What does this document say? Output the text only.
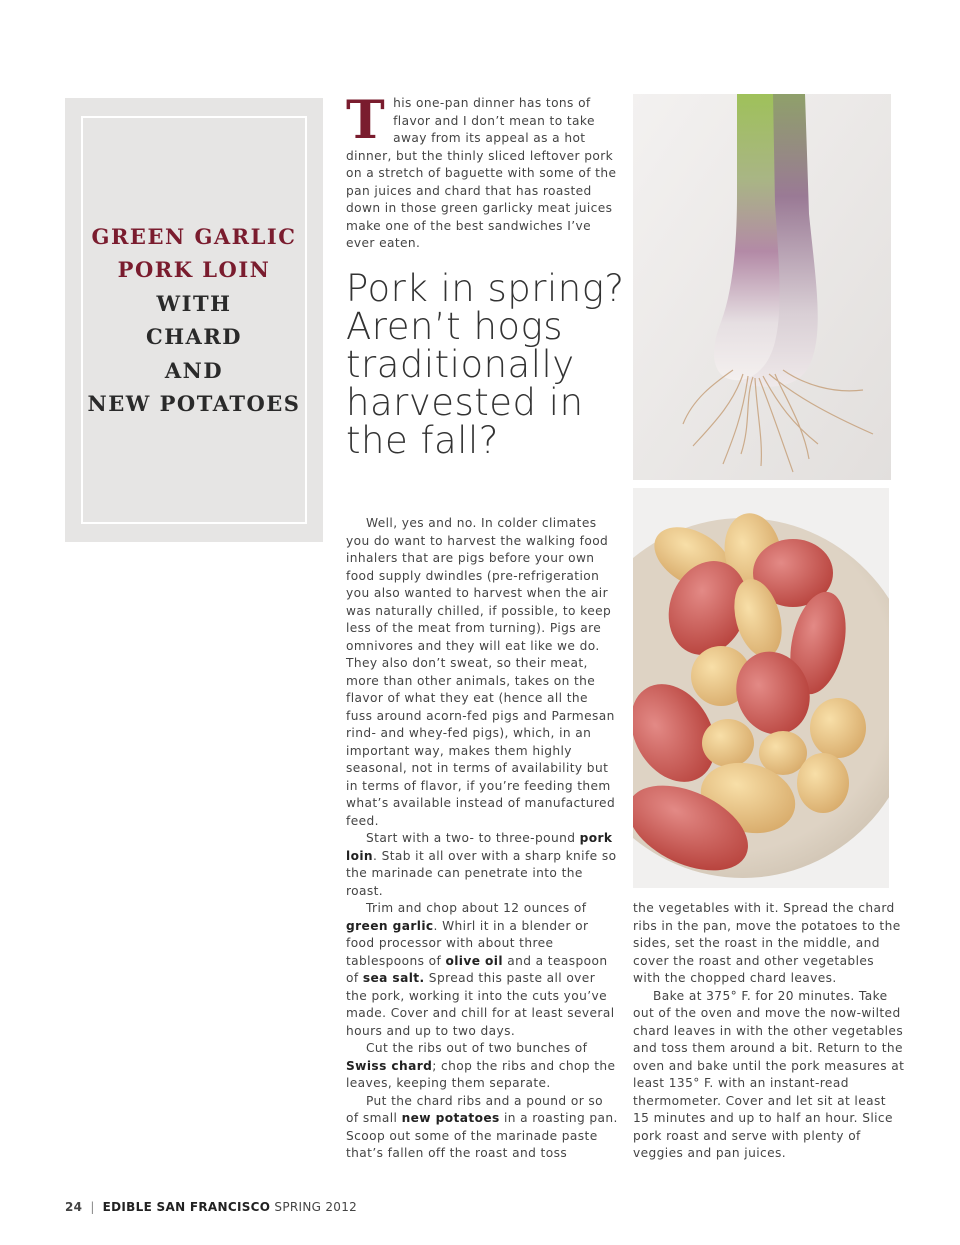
GREEN GARLIC
PORK LOIN
WITH
CHARD
AND
NEW POTATOES
T his one-pan dinner has tons of flavor and I don’t mean to take away from its appeal as a hot dinner, but the thinly sliced leftover pork on a stretch of baguette with some of the pan juices and chard that has roasted down in those green garlicky meat juices make one of the best sandwiches I’ve ever eaten.
Pork in spring? Aren’t hogs traditionally harvested in the fall?

Well, yes and no. In colder climates you do want to harvest the walking food inhalers that are pigs before your own food supply dwindles (pre-refrigeration you also wanted to harvest when the air was naturally chilled, if possible, to keep less of the meat from turning). Pigs are omnivores and they will eat like we do. They also don’t sweat, so their meat, more than other animals, takes on the flavor of what they eat (hence all the fuss around acorn-fed pigs and Parmesan rind- and whey-fed pigs), which, in an important way, makes them highly seasonal, not in terms of availability but in terms of flavor, if you’re feeding them what’s available instead of manufactured feed.

Start with a two- to three-pound pork loin. Stab it all over with a sharp knife so the marinade can penetrate into the roast.

Trim and chop about 12 ounces of green garlic. Whirl it in a blender or food processor with about three tablespoons of olive oil and a teaspoon of sea salt. Spread this paste all over the pork, working it into the cuts you’ve made. Cover and chill for at least several hours and up to two days.

Cut the ribs out of two bunches of Swiss chard; chop the ribs and chop the leaves, keeping them separate.

Put the chard ribs and a pound or so of small new potatoes in a roasting pan. Scoop out some of the marinade paste that’s fallen off the roast and toss

the vegetables with it. Spread the chard ribs in the pan, move the potatoes to the sides, set the roast in the middle, and cover the roast and other vegetables with the chopped chard leaves.

Bake at 375° F. for 20 minutes. Take out of the oven and move the now-wilted chard leaves in with the other vegetables and toss them around a bit. Return to the oven and bake until the pork measures at least 135° F. with an instant-read thermometer. Cover and let sit at least 15 minutes and up to half an hour. Slice pork roast and serve with plenty of veggies and pan juices.

24 | EDIBLE SAN FRANCISCO SPRING 2012
